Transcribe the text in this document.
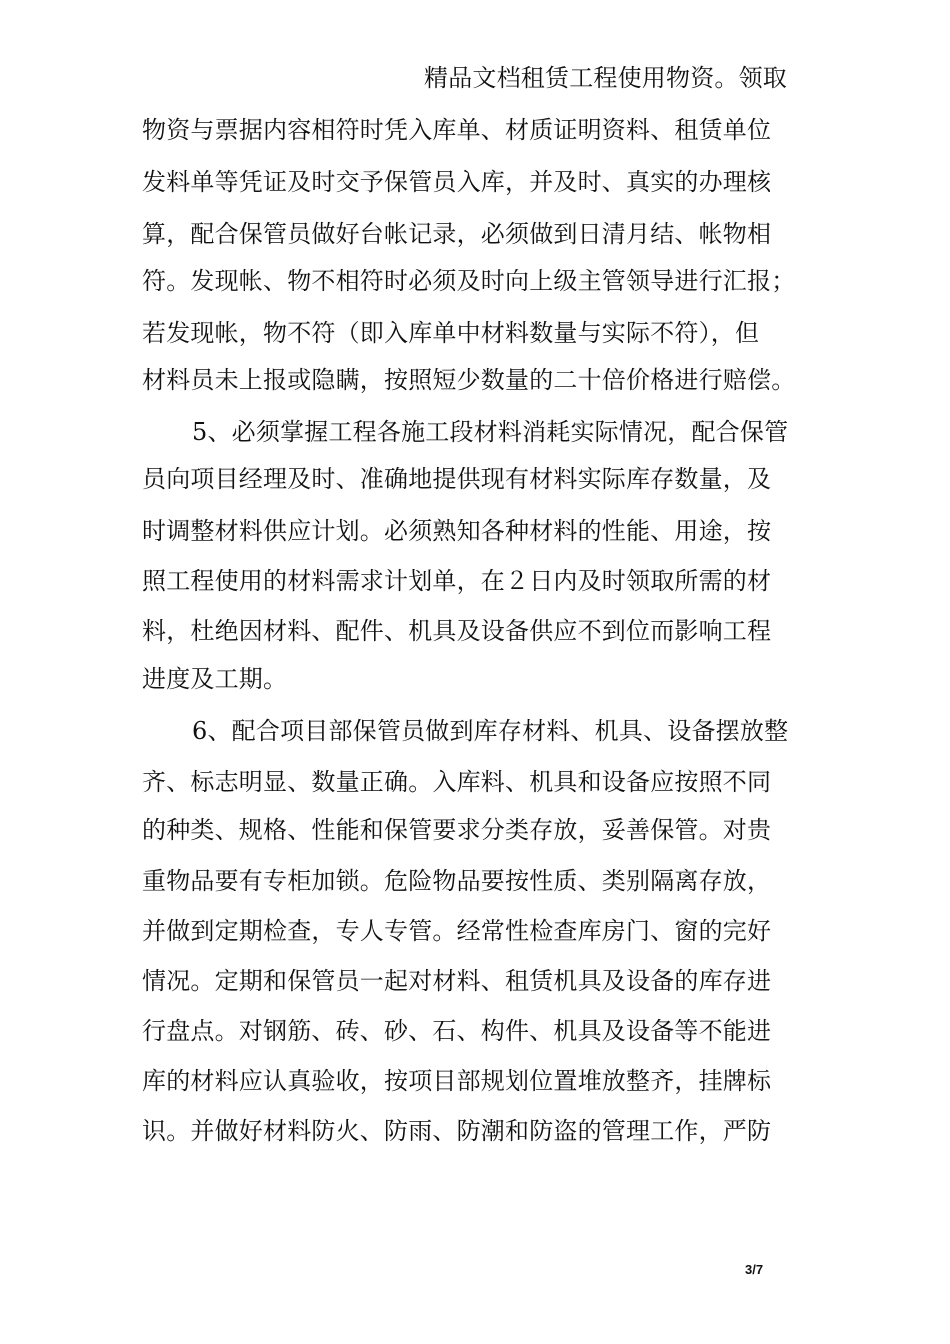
精品文档租赁工程使用物资。领取
物资与票据内容相符时凭入库单、材质证明资料、租赁单位
发料单等凭证及时交予保管员入库，并及时、真实的办理核
算，配合保管员做好台帐记录，必须做到日清月结、帐物相
符。发现帐、物不相符时必须及时向上级主管领导进行汇报；
若发现帐，物不符（即入库单中材料数量与实际不符），但
材料员未上报或隐瞒，按照短少数量的二十倍价格进行赔偿。
5、必须掌握工程各施工段材料消耗实际情况，配合保管
员向项目经理及时、准确地提供现有材料实际库存数量，及
时调整材料供应计划。必须熟知各种材料的性能、用途，按
照工程使用的材料需求计划单，在２日内及时领取所需的材
料，杜绝因材料、配件、机具及设备供应不到位而影响工程
进度及工期。
6、配合项目部保管员做到库存材料、机具、设备摆放整
齐、标志明显、数量正确。入库料、机具和设备应按照不同
的种类、规格、性能和保管要求分类存放，妥善保管。对贵
重物品要有专柜加锁。危险物品要按性质、类别隔离存放，
并做到定期检查，专人专管。经常性检查库房门、窗的完好
情况。定期和保管员一起对材料、租赁机具及设备的库存进
行盘点。对钢筋、砖、砂、石、构件、机具及设备等不能进
库的材料应认真验收，按项目部规划位置堆放整齐，挂牌标
识。并做好材料防火、防雨、防潮和防盗的管理工作，严防
3/7
